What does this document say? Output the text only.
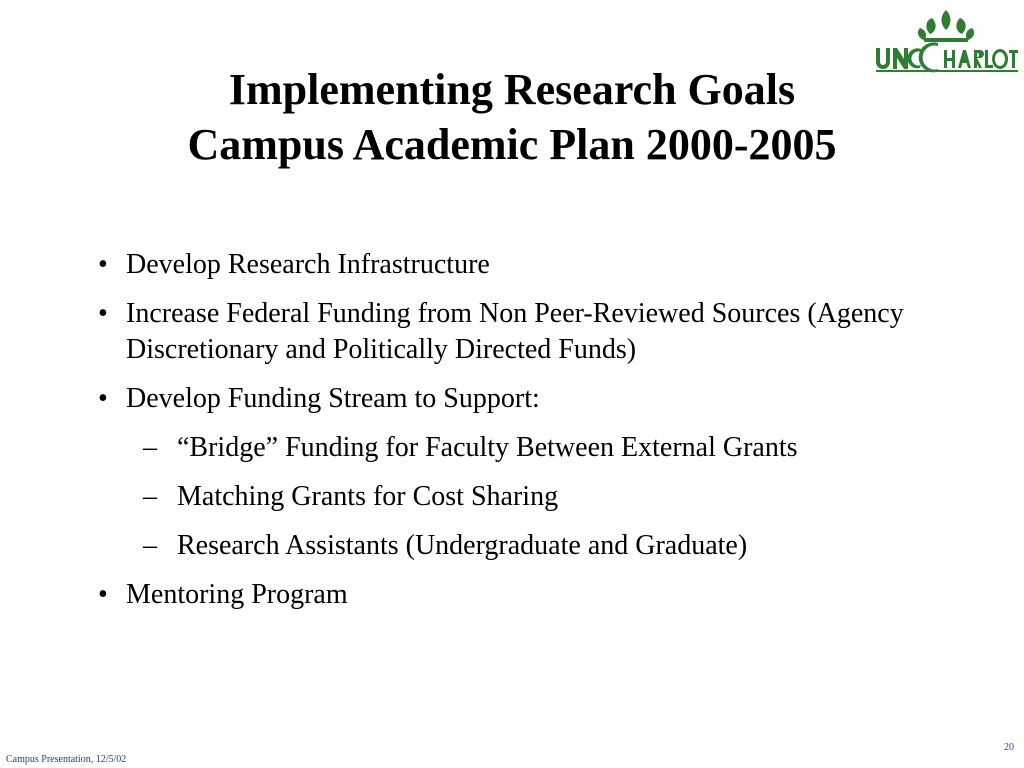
Implementing Research Goals
Campus Academic Plan 2000-2005
• Develop Research Infrastructure
• Increase Federal Funding from Non Peer-Reviewed Sources (Agency Discretionary and Politically Directed Funds)
• Develop Funding Stream to Support:
– “Bridge” Funding for Faculty Between External Grants
– Matching Grants for Cost Sharing
– Research Assistants (Undergraduate and Graduate)
• Mentoring Program
Campus Presentation, 12/5/02
20
